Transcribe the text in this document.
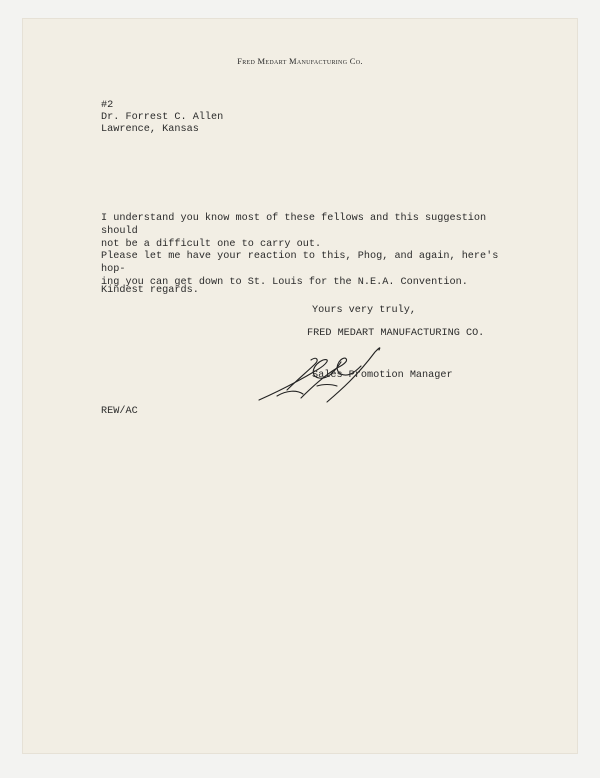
Fred Medart Manufacturing Co.
#2
Dr. Forrest C. Allen
Lawrence, Kansas
I understand you know most of these fellows and this suggestion should
not be a difficult one to carry out.
Please let me have your reaction to this, Phog, and again, here's hop-
ing you can get down to St. Louis for the N.E.A. Convention.
Kindest regards.
Yours very truly,
FRED MEDART MANUFACTURING CO.
Sales Promotion Manager
REW/AC
